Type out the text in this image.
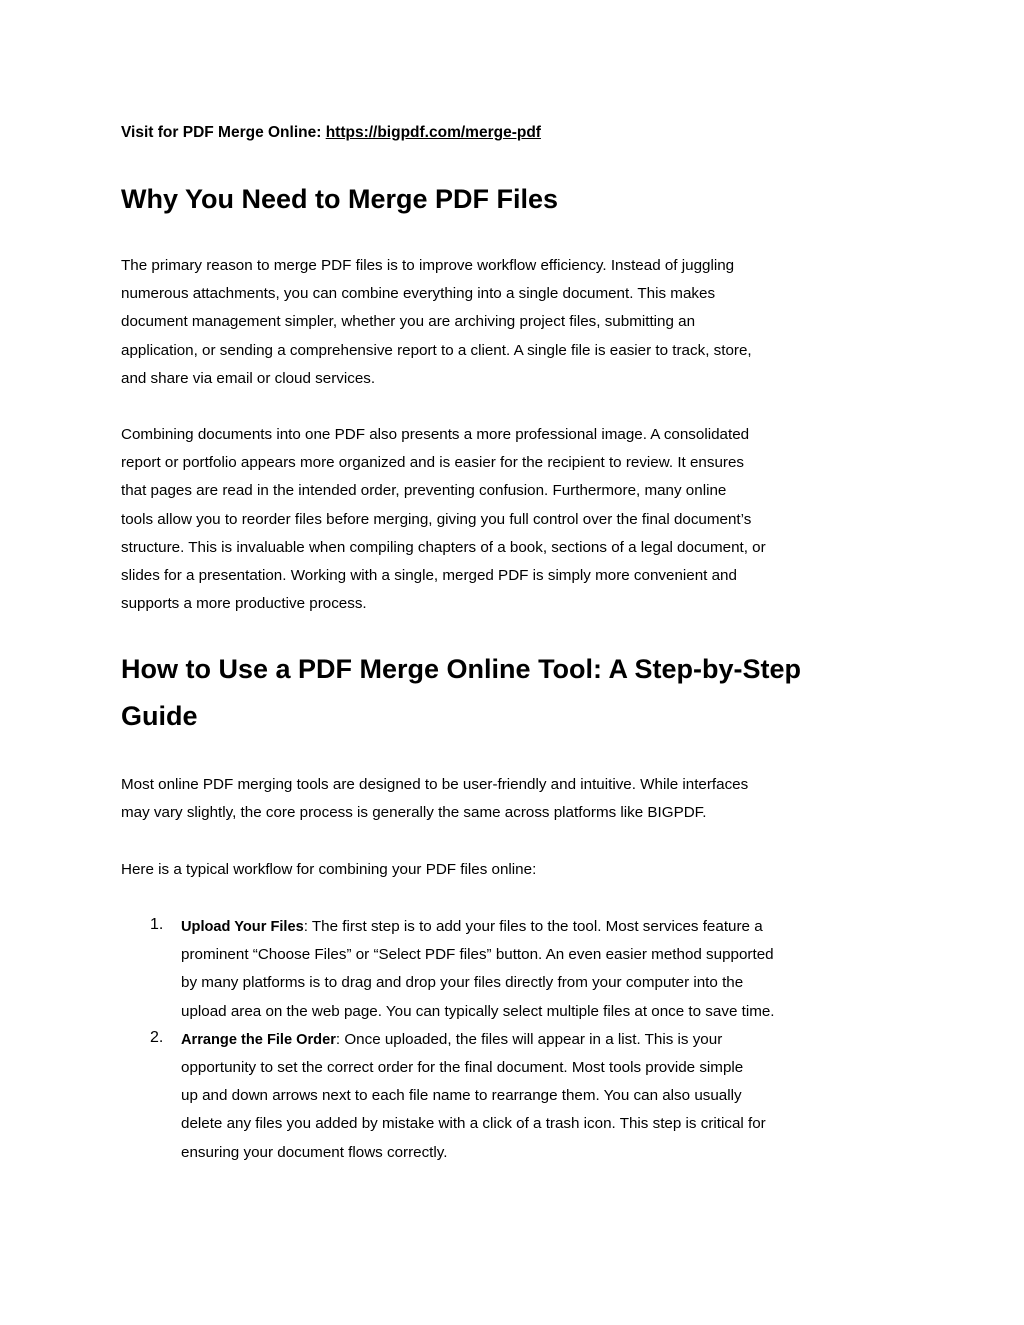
Visit for PDF Merge Online: https://bigpdf.com/merge-pdf
Why You Need to Merge PDF Files
The primary reason to merge PDF files is to improve workflow efficiency. Instead of juggling
numerous attachments, you can combine everything into a single document. This makes
document management simpler, whether you are archiving project files, submitting an
application, or sending a comprehensive report to a client. A single file is easier to track, store,
and share via email or cloud services.
Combining documents into one PDF also presents a more professional image. A consolidated
report or portfolio appears more organized and is easier for the recipient to review. It ensures
that pages are read in the intended order, preventing confusion. Furthermore, many online
tools allow you to reorder files before merging, giving you full control over the final document’s
structure. This is invaluable when compiling chapters of a book, sections of a legal document, or
slides for a presentation. Working with a single, merged PDF is simply more convenient and
supports a more productive process.
How to Use a PDF Merge Online Tool: A Step-by-Step
Guide
Most online PDF merging tools are designed to be user-friendly and intuitive. While interfaces
may vary slightly, the core process is generally the same across platforms like BIGPDF.
Here is a typical workflow for combining your PDF files online:
1. Upload Your Files: The first step is to add your files to the tool. Most services feature a
prominent “Choose Files” or “Select PDF files” button. An even easier method supported
by many platforms is to drag and drop your files directly from your computer into the
upload area on the web page. You can typically select multiple files at once to save time.
2. Arrange the File Order: Once uploaded, the files will appear in a list. This is your
opportunity to set the correct order for the final document. Most tools provide simple
up and down arrows next to each file name to rearrange them. You can also usually
delete any files you added by mistake with a click of a trash icon. This step is critical for
ensuring your document flows correctly.
